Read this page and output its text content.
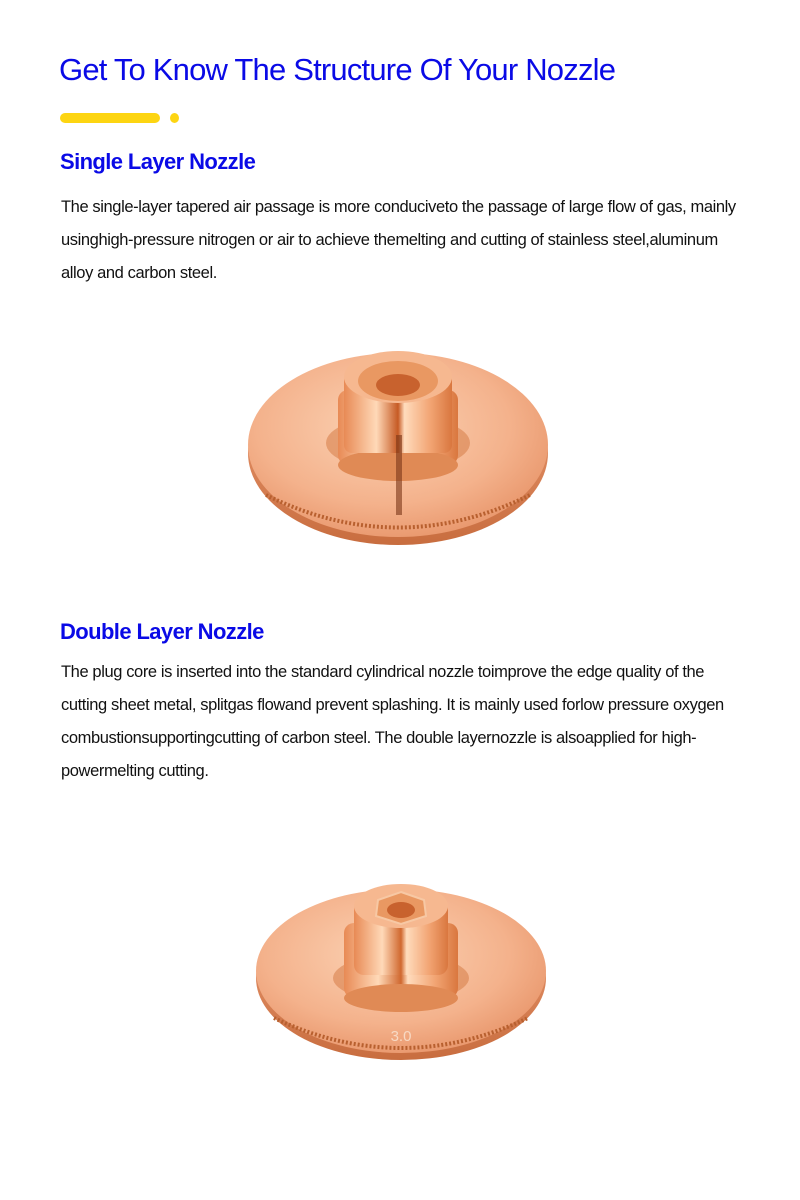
Get To Know The Structure Of Your Nozzle
Single Layer Nozzle

The single-layer tapered air passage is more conduciveto the passage of large flow of gas, mainly usinghigh-pressure nitrogen or air to achieve themelting and cutting of stainless steel,aluminum alloy and carbon steel.

Double Layer Nozzle

The plug core is inserted into the standard cylindrical nozzle toimprove the edge quality of the cutting sheet metal, splitgas flowand prevent splashing. It is mainly used forlow pressure oxygen combustionsupportingcutting of carbon steel. The double layernozzle is alsoapplied for high-powermelting cutting.

3.0
